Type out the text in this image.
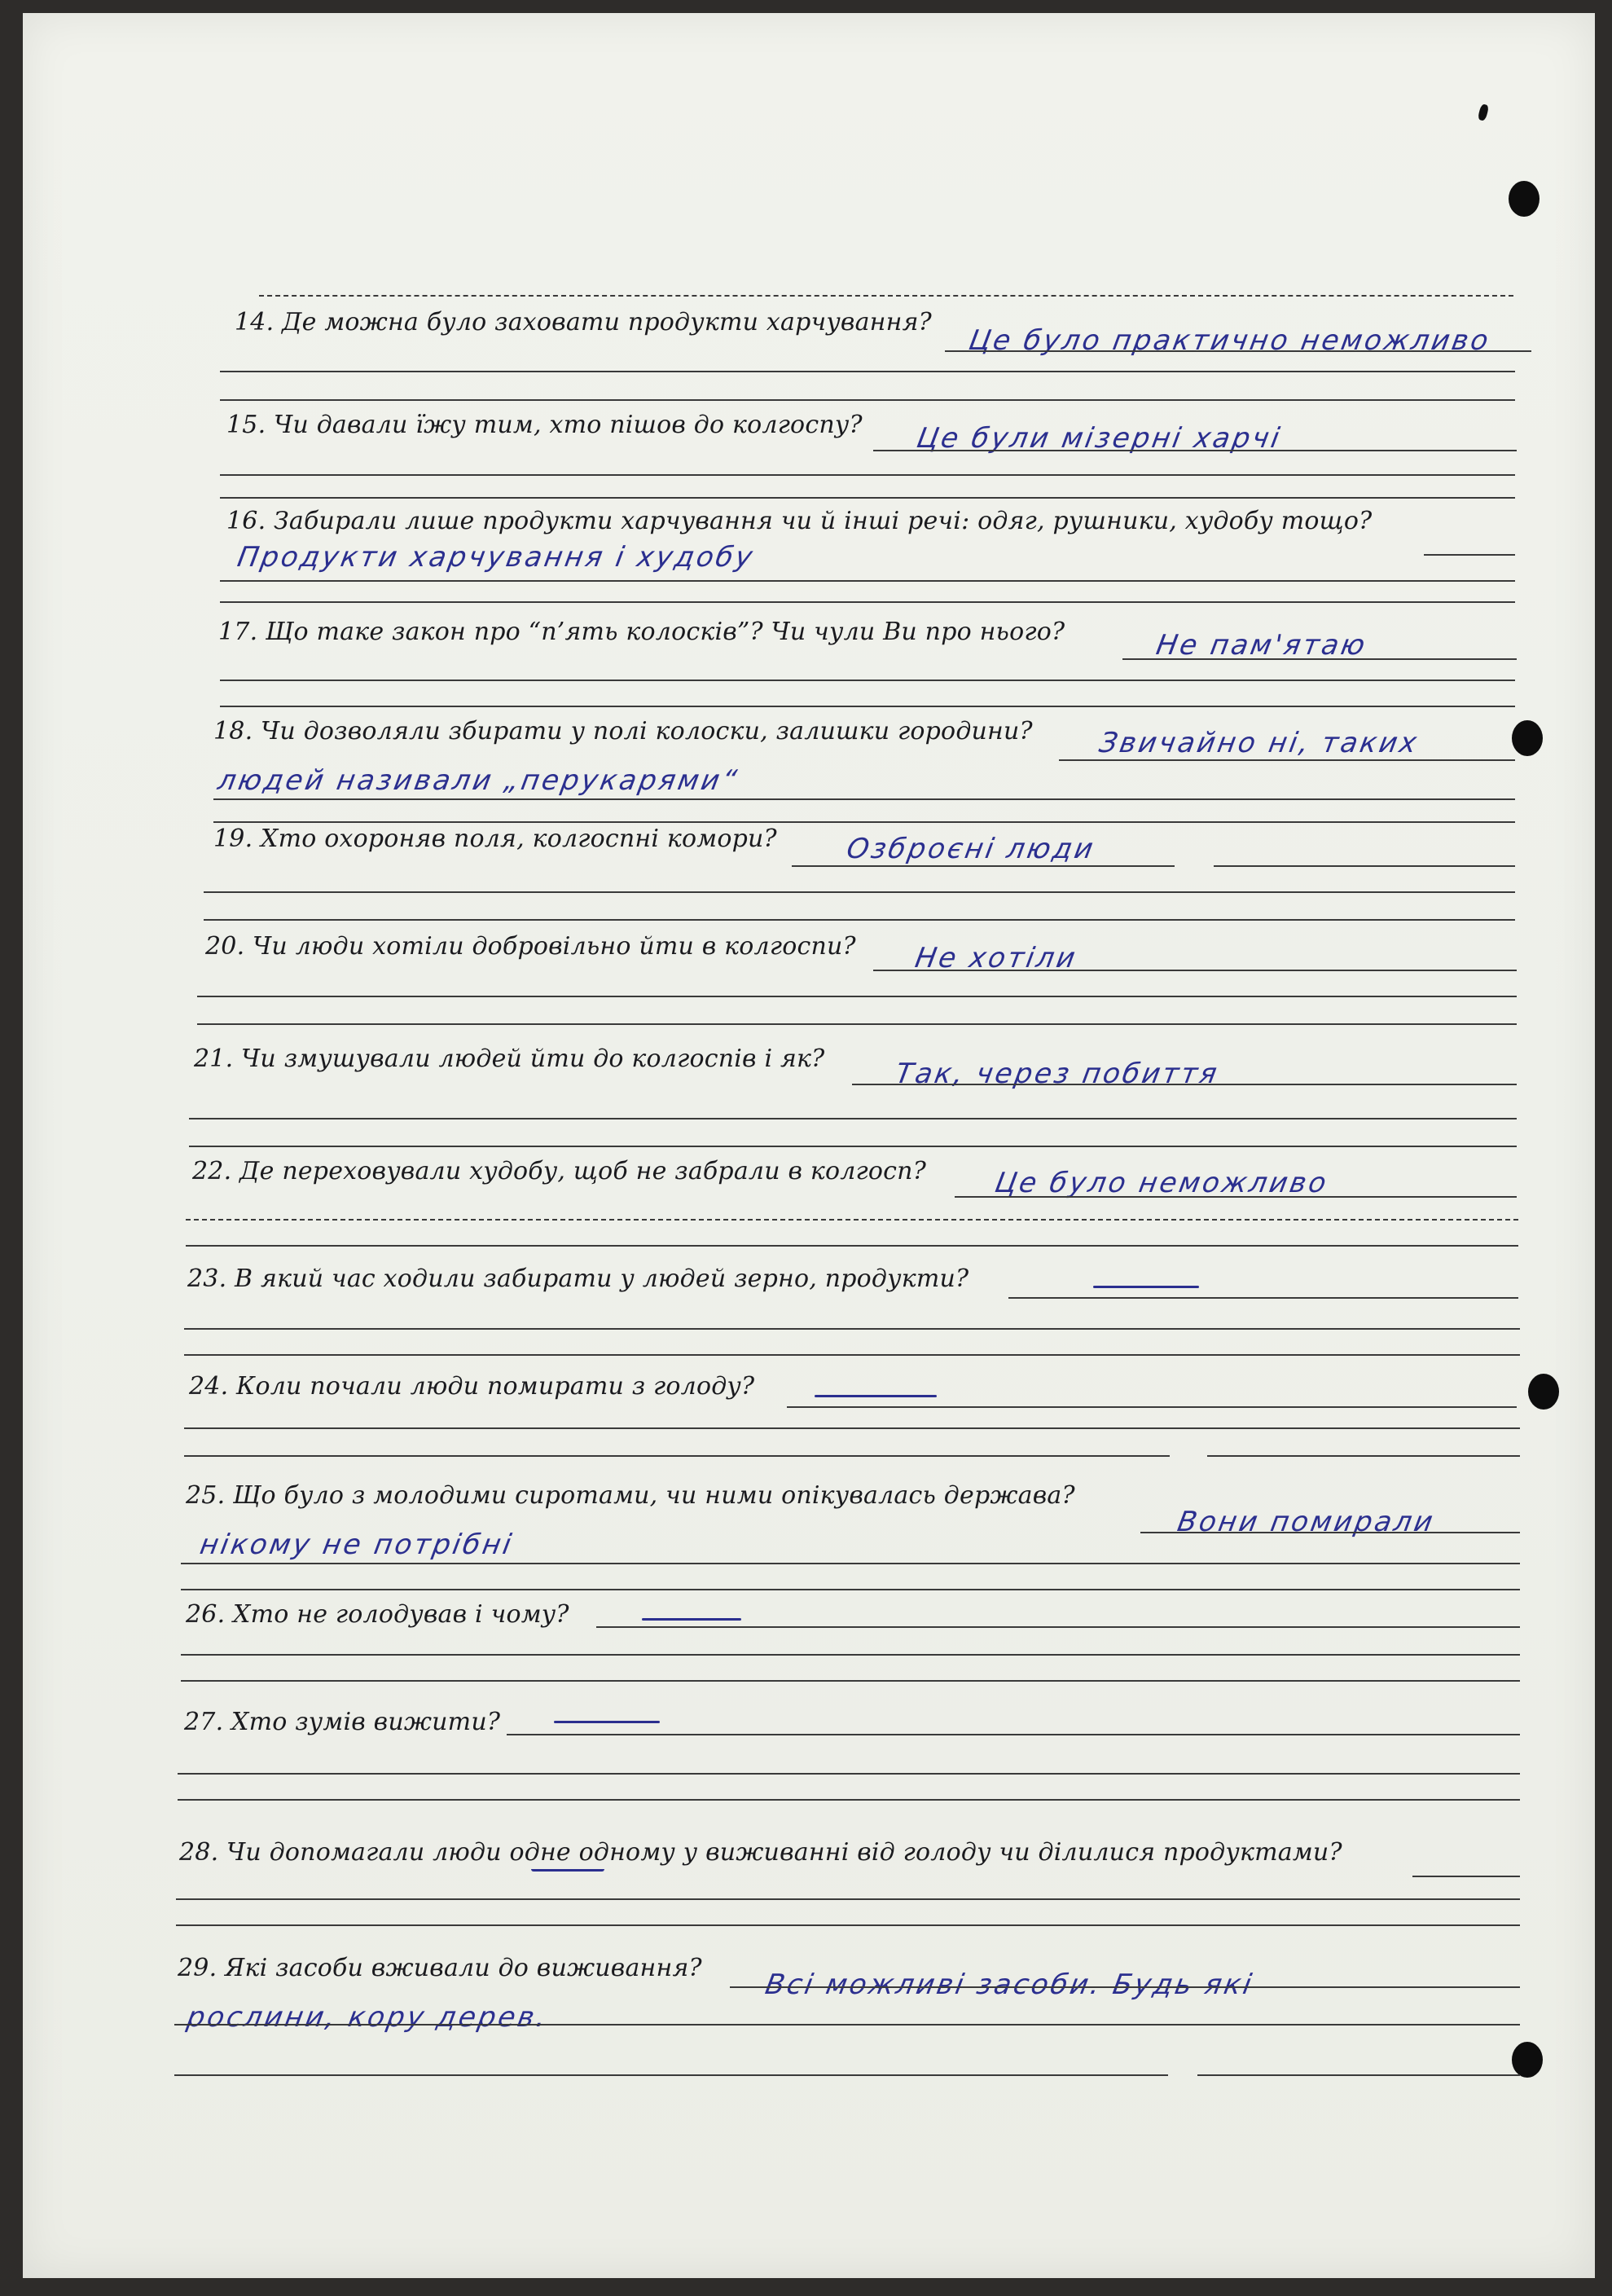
14. Де можна було заховати продукти харчування?
Це було практично неможливо
15. Чи давали їжу тим, хто пішов до колгоспу? Це були мізерні харчі
16. Забирали лише продукти харчування чи й інші речі: одяг, рушники, худобу тощо?
Продукти харчування і худобу
17. Що таке закон про “п’ять колосків”? Чи чули Ви про нього?	Не пам'ятаю
18. Чи дозволяли збирати у полі колоски, залишки городини? Звичайно ні, таких
людей називали „перукарями“
19. Хто охороняв поля, колгоспні комори? Озброєні люди
20. Чи люди хотіли добровільно йти в колгоспи? Не хотіли
21. Чи змушували людей йти до колгоспів і як? Так, через побиття
22. Де переховували худобу, щоб не забрали в колгосп? Це було неможливо
23. В який час ходили забирати у людей зерно, продукти?
24. Коли почали люди помирати з голоду?
25. Що було з молодими сиротами, чи ними опікувалась держава?
Вони помирали
нікому не потрібні
26. Хто не голодував і чому?
27. Хто зумів вижити?
28. Чи допомагали люди одне одному у виживанні від голоду чи ділилися продуктами?
29. Які засоби вживали до виживання?
Всі можливі засоби. Будь які
рослини, кору дерев.
